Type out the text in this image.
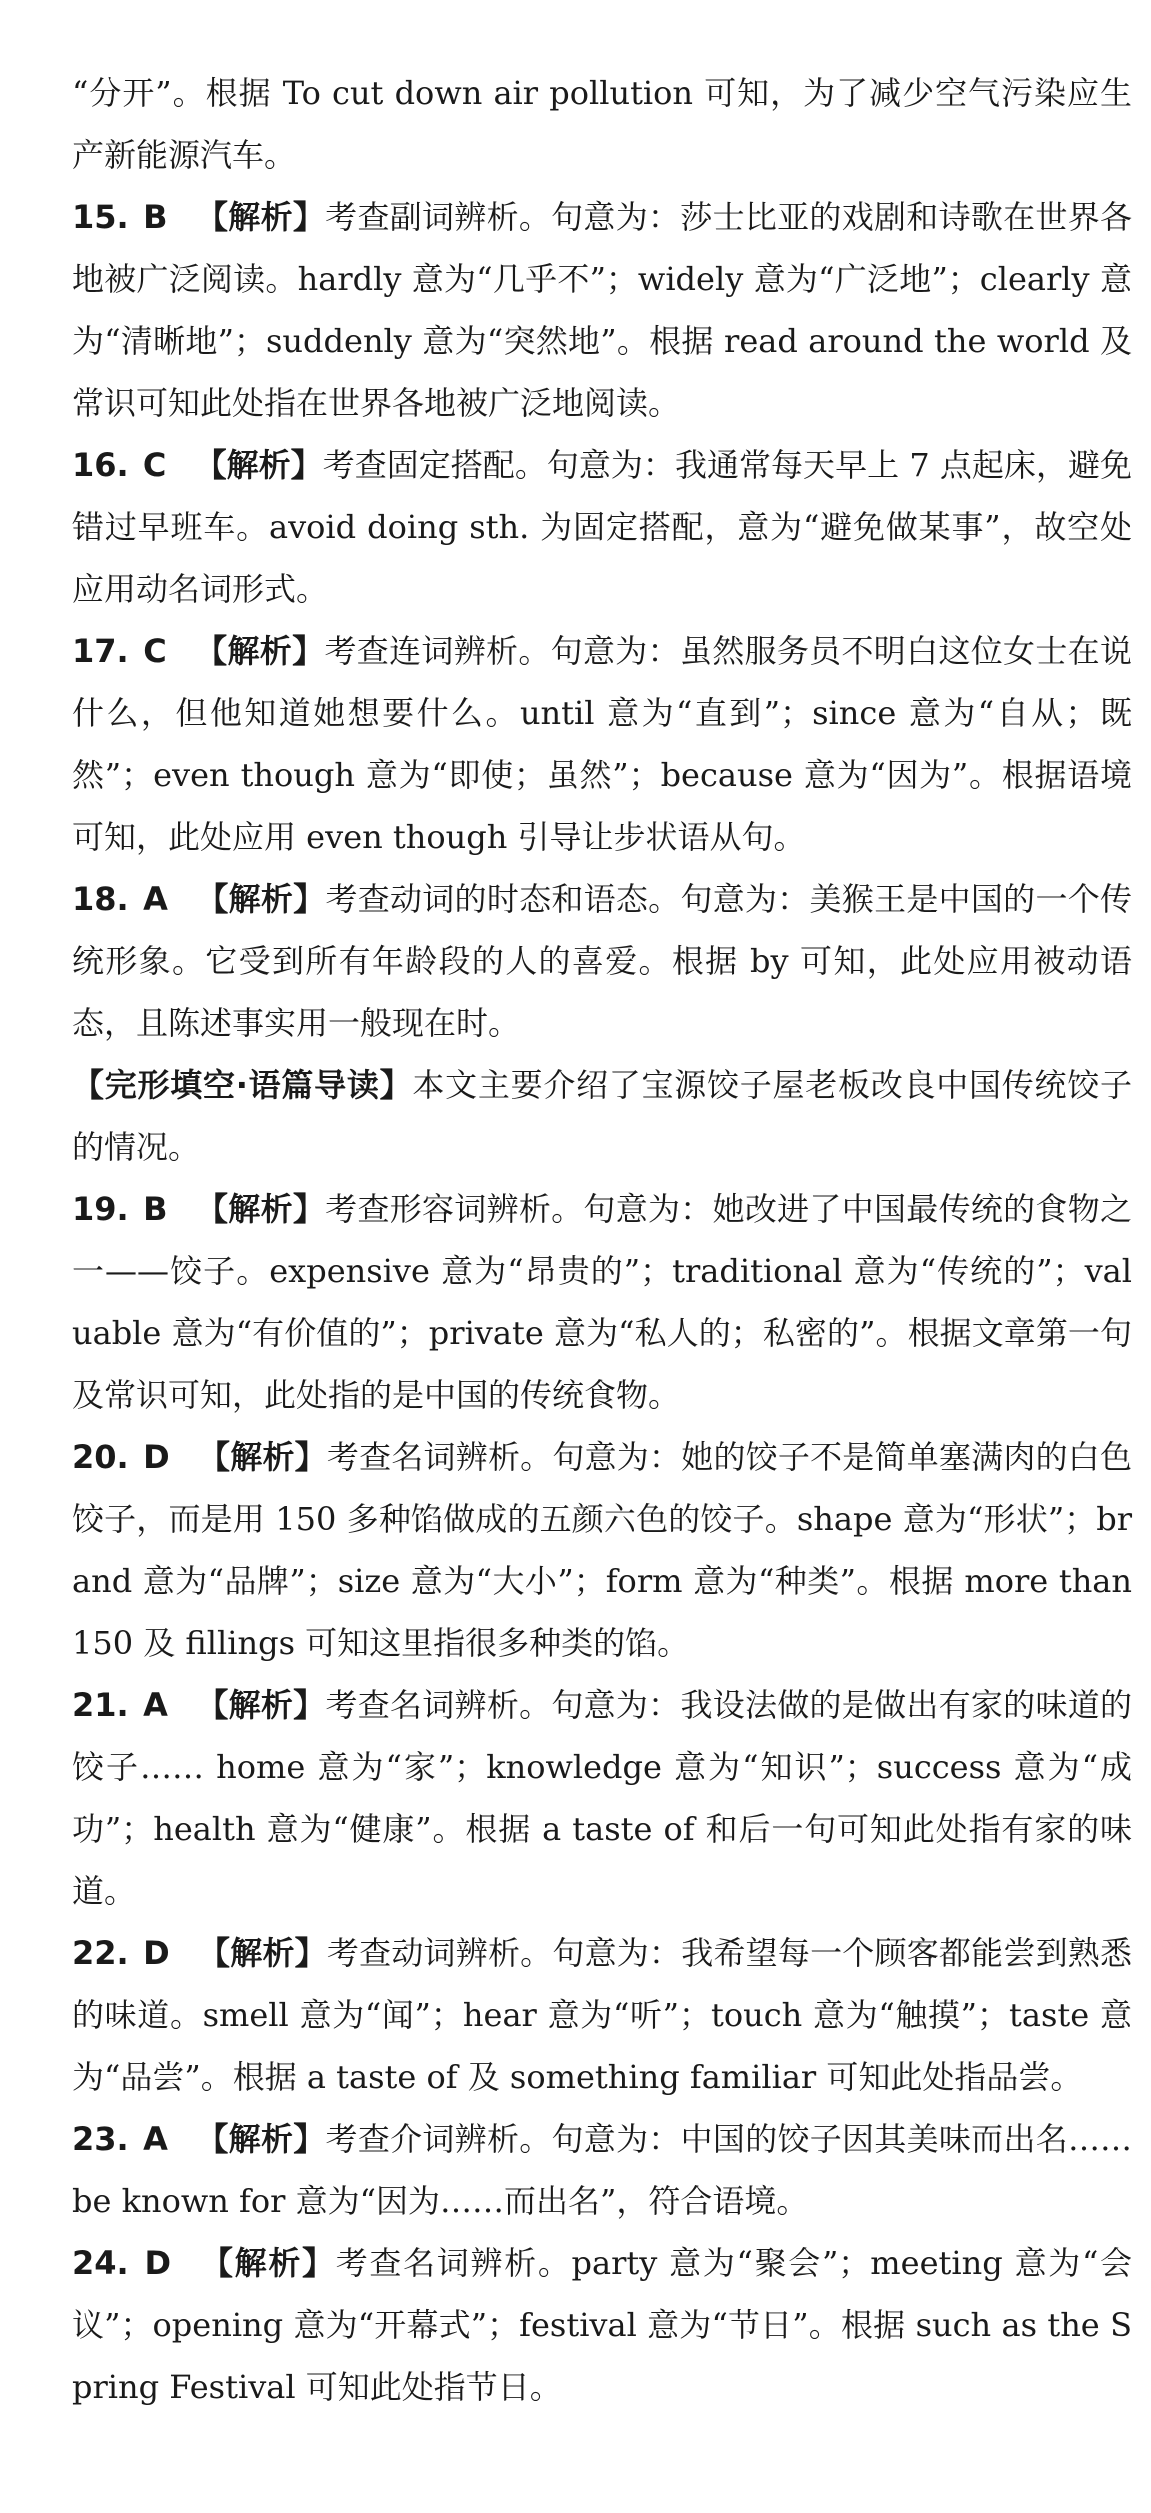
“分开”。根据 To cut down air pollution 可知，为了减少空气污染应生产新能源汽车。

15. B 【解析】考查副词辨析。句意为：莎士比亚的戏剧和诗歌在世界各地被广泛阅读。hardly 意为“几乎不”；widely 意为“广泛地”；clearly 意为“清晰地”；suddenly 意为“突然地”。根据 read around the world 及常识可知此处指在世界各地被广泛地阅读。

16. C 【解析】考查固定搭配。句意为：我通常每天早上 7 点起床，避免错过早班车。avoid doing sth. 为固定搭配，意为“避免做某事”，故空处应用动名词形式。

17. C 【解析】考查连词辨析。句意为：虽然服务员不明白这位女士在说什么，但他知道她想要什么。until 意为“直到”；since 意为“自从；既然”；even though 意为“即使；虽然”；because 意为“因为”。根据语境可知，此处应用 even though 引导让步状语从句。

18. A 【解析】考查动词的时态和语态。句意为：美猴王是中国的一个传统形象。它受到所有年龄段的人的喜爱。根据 by 可知，此处应用被动语态，且陈述事实用一般现在时。

【完形填空·语篇导读】本文主要介绍了宝源饺子屋老板改良中国传统饺子的情况。

19. B 【解析】考查形容词辨析。句意为：她改进了中国最传统的食物之一——饺子。expensive 意为“昂贵的”；traditional 意为“传统的”；valuable 意为“有价值的”；private 意为“私人的；私密的”。根据文章第一句及常识可知，此处指的是中国的传统食物。

20. D 【解析】考查名词辨析。句意为：她的饺子不是简单塞满肉的白色饺子，而是用 150 多种馅做成的五颜六色的饺子。shape 意为“形状”；brand 意为“品牌”；size 意为“大小”；form 意为“种类”。根据 more than 150 及 fillings 可知这里指很多种类的馅。

21. A 【解析】考查名词辨析。句意为：我设法做的是做出有家的味道的饺子…… home 意为“家”；knowledge 意为“知识”；success 意为“成功”；health 意为“健康”。根据 a taste of 和后一句可知此处指有家的味道。

22. D 【解析】考查动词辨析。句意为：我希望每一个顾客都能尝到熟悉的味道。smell 意为“闻”；hear 意为“听”；touch 意为“触摸”；taste 意为“品尝”。根据 a taste of 及 something familiar 可知此处指品尝。

23. A 【解析】考查介词辨析。句意为：中国的饺子因其美味而出名…… be known for 意为“因为……而出名”，符合语境。

24. D 【解析】考查名词辨析。party 意为“聚会”；meeting 意为“会议”；opening 意为“开幕式”；festival 意为“节日”。根据 such as the Spring Festival 可知此处指节日。
